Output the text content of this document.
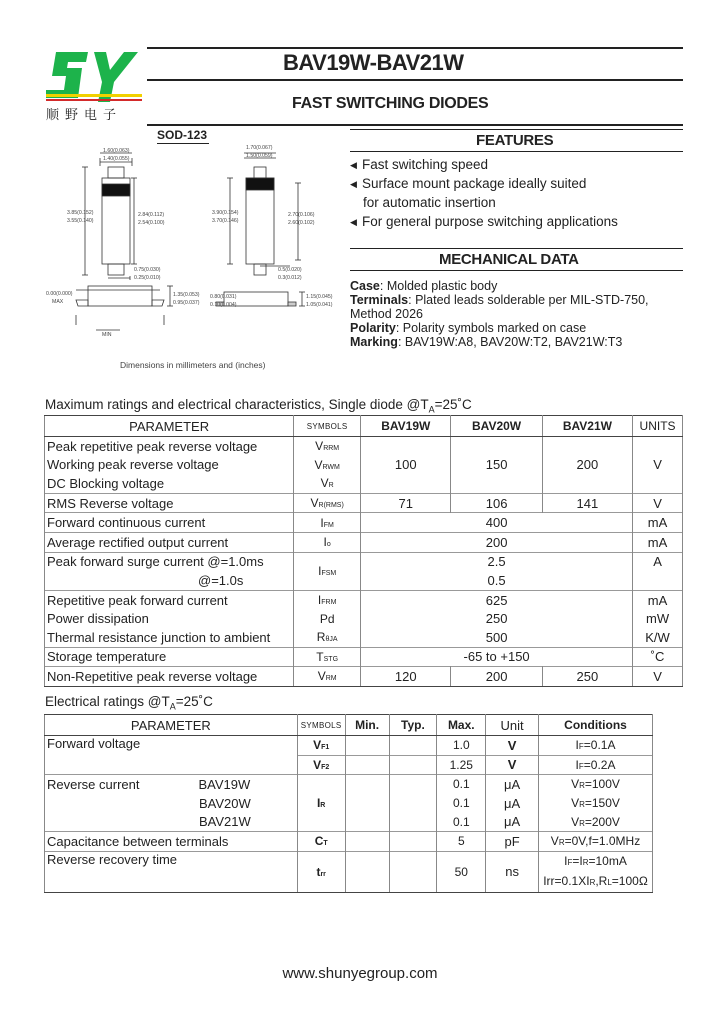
顺野电子
BAV19W-BAV21W
FAST SWITCHING DIODES
SOD-123
1.60(0.063)
1.40(0.055)
1.70(0.067)
1.50(0.059)
3.85(0.152)
3.55(0.140)
2.84(0.112)
2.54(0.100)
3.90(0.154)
3.70(0.146)
2.70(0.106)
2.60(0.102)
0.75(0.030)
0.25(0.010)
0.5(0.020)
0.3(0.012)
0.00(0.000)
MAX
1.35(0.053)
0.95(0.037)
0.80(0.031)
0.10(0.004)
1.15(0.045)
1.05(0.041)
MIN
Dimensions in millimeters and (inches)
FEATURES
◀ Fast switching speed
◀ Surface mount package ideally suited
for automatic insertion
◀ For general purpose switching applications
MECHANICAL DATA
Case: Molded plastic body
Terminals: Plated leads solderable per MIL-STD-750,
Method 2026
Polarity: Polarity symbols marked on case
Marking: BAV19W:A8, BAV20W:T2, BAV21W:T3
Maximum ratings and electrical characteristics, Single diode $@T_A=25˚C$
PARAMETER	SYMBOLS	BAV19W	BAV20W	BAV21W	UNITS
Peak repetitive peak reverse voltage	VRRM	100	150	200	V
Working peak reverse voltage	VRWM				
DC Blocking voltage	VR				
RMS Reverse voltage	VR(RMS)	71	106	141	V
Forward continuous current	IFM	400			mA
Average rectified output current	Io	200			mA
Peak forward surge current @=1.0ms	IFSM	2.5			A
@=1.0s		0.5			
Repetitive peak forward current	IFRM	625			mA
Power dissipation	Pd	250			mW
Thermal resistance junction to ambient	RθJA	500			K/W
Storage temperature	TSTG	-65 to +150			˚C
Non-Repetitive peak reverse voltage	VRM	120	200	250	V
Electrical ratings $@T_A=25˚C$
PARAMETER	SYMBOLS	Min.	Typ.	Max.	Unit	Conditions
Forward voltage	VF1			1.0	V	IF=0.1A
	VF2			1.25	V	IF=0.2A
Reverse current BAV19W	IR			0.1	μA	VR=100V
BAV20W				0.1	μA	VR=150V
BAV21W				0.1	μA	VR=200V
Capacitance between terminals	CT			5	pF	VR=0V,f=1.0MHz
Reverse recovery time	trr			50	ns	IF=IR=10mA
Irr=0.1XIR,RL=100Ω
www.shunyegroup.com
